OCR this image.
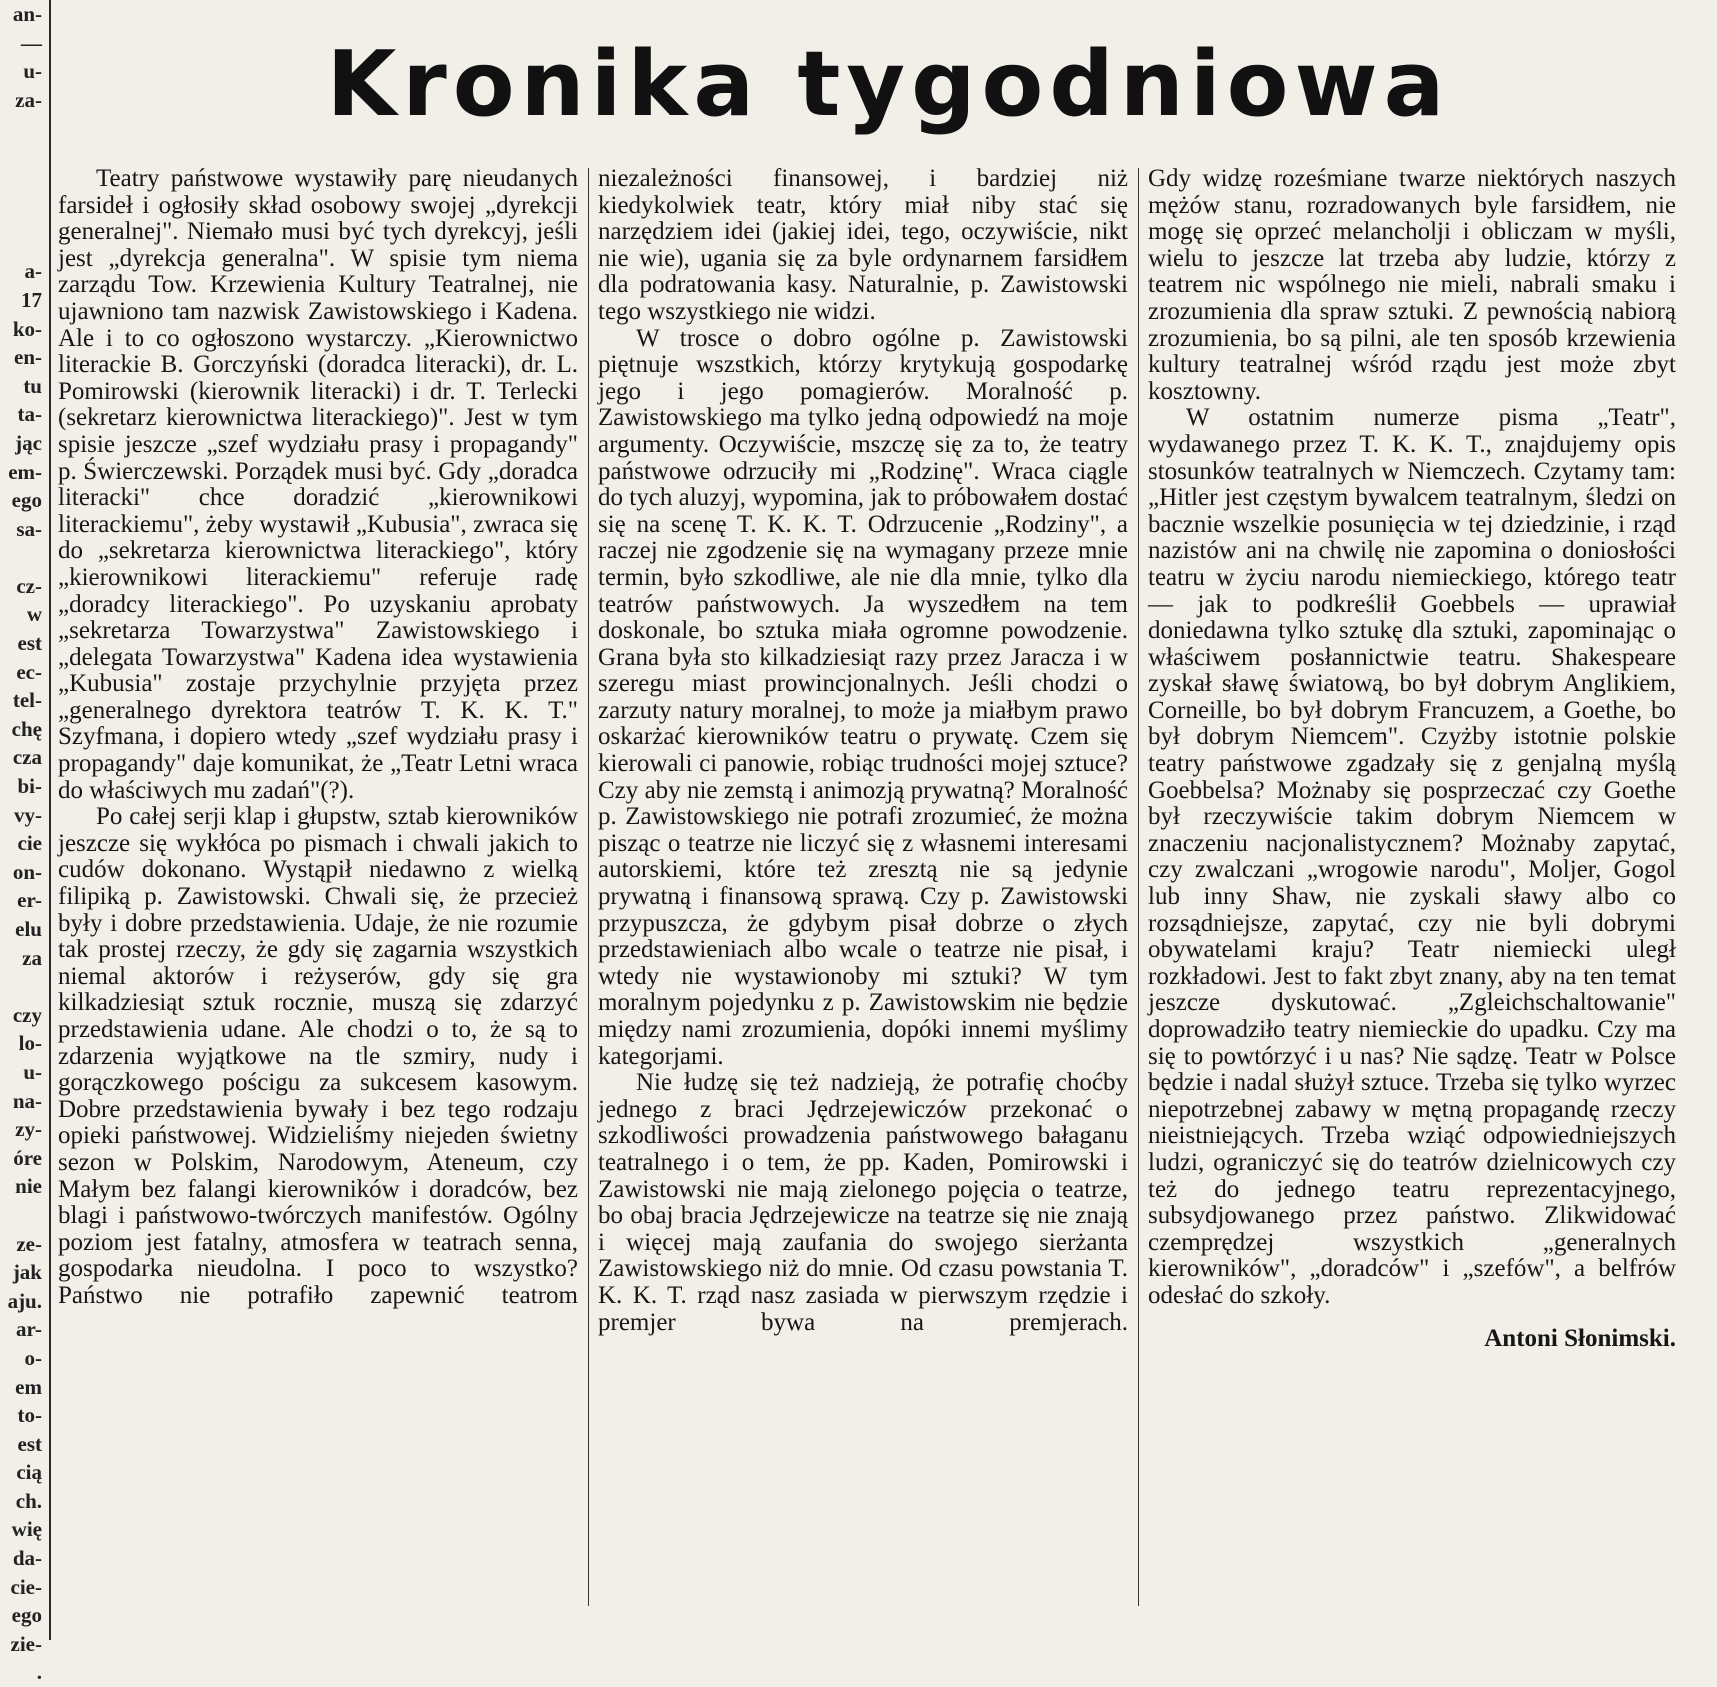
an-
—
u-
za-
a-
17
ko-
en-
tu
ta-
jąc
em-
ego
sa-
cz-
w
est
ec-
tel-
chę
cza
bi-
vy-
cie
on-
er-
elu
za
czy
lo-
u-
na-
zy-
óre
nie
ze-
jak
aju.
ar-
o-
em
to-
est
cią
ch.
wię
da-
cie-
ego
zie-
.
Kronika tygodniowa

Teatry państwowe wystawiły parę nieudanych farsideł i ogłosiły skład osobowy swojej „dyrekcji generalnej". Niemało musi być tych dyrekcyj, jeśli jest „dyrekcja generalna". W spisie tym niema zarządu Tow. Krzewienia Kultury Teatralnej, nie ujawniono tam nazwisk Zawistowskiego i Kadena. Ale i to co ogłoszono wystarczy. „Kierownictwo literackie B. Gorczyński (doradca literacki), dr. L. Pomirowski (kierownik literacki) i dr. T. Terlecki (sekretarz kierownictwa literackiego)". Jest w tym spisie jeszcze „szef wydziału prasy i propagandy" p. Świerczewski. Porządek musi być. Gdy „doradca literacki" chce doradzić „kierownikowi literackiemu", żeby wystawił „Kubusia", zwraca się do „sekretarza kierownictwa literackiego", który „kierownikowi literackiemu" referuje radę „doradcy literackiego". Po uzyskaniu aprobaty „sekretarza Towarzystwa" Zawistowskiego i „delegata Towarzystwa" Kadena idea wystawienia „Kubusia" zostaje przychylnie przyjęta przez „generalnego dyrektora teatrów T. K. K. T." Szyfmana, i dopiero wtedy „szef wydziału prasy i propagandy" daje komunikat, że „Teatr Letni wraca do właściwych mu zadań"(?).

Po całej serji klap i głupstw, sztab kierowników jeszcze się wykłóca po pismach i chwali jakich to cudów dokonano. Wystąpił niedawno z wielką filipiką p. Zawistowski. Chwali się, że przecież były i dobre przedstawienia. Udaje, że nie rozumie tak prostej rzeczy, że gdy się zagarnia wszystkich niemal aktorów i reżyserów, gdy się gra kilkadziesiąt sztuk rocznie, muszą się zdarzyć przedstawienia udane. Ale chodzi o to, że są to zdarzenia wyjątkowe na tle szmiry, nudy i gorączkowego pościgu za sukcesem kasowym. Dobre przedstawienia bywały i bez tego rodzaju opieki państwowej. Widzieliśmy niejeden świetny sezon w Polskim, Narodowym, Ateneum, czy Małym bez falangi kierowników i doradców, bez blagi i państwowo-twórczych manifestów. Ogólny poziom jest fatalny, atmosfera w teatrach senna, gospodarka nieudolna. I poco to wszystko? Państwo nie potrafiło zapewnić teatrom

niezależności finansowej, i bardziej niż kiedykolwiek teatr, który miał niby stać się narzędziem idei (jakiej idei, tego, oczywiście, nikt nie wie), ugania się za byle ordynarnem farsidłem dla podratowania kasy. Naturalnie, p. Zawistowski tego wszystkiego nie widzi.

W trosce o dobro ogólne p. Zawistowski piętnuje wszstkich, którzy krytykują gospodarkę jego i jego pomagierów. Moralność p. Zawistowskiego ma tylko jedną odpowiedź na moje argumenty. Oczywiście, mszczę się za to, że teatry państwowe odrzuciły mi „Rodzinę". Wraca ciągle do tych aluzyj, wypomina, jak to próbowałem dostać się na scenę T. K. K. T. Odrzucenie „Rodziny", a raczej nie zgodzenie się na wymagany przeze mnie termin, było szkodliwe, ale nie dla mnie, tylko dla teatrów państwowych. Ja wyszedłem na tem doskonale, bo sztuka miała ogromne powodzenie. Grana była sto kilkadziesiąt razy przez Jaracza i w szeregu miast prowincjonalnych. Jeśli chodzi o zarzuty natury moralnej, to może ja miałbym prawo oskarżać kierowników teatru o prywatę. Czem się kierowali ci panowie, robiąc trudności mojej sztuce? Czy aby nie zemstą i animozją prywatną? Moralność p. Zawistowskiego nie potrafi zrozumieć, że można pisząc o teatrze nie liczyć się z własnemi interesami autorskiemi, które też zresztą nie są jedynie prywatną i finansową sprawą. Czy p. Zawistowski przypuszcza, że gdybym pisał dobrze o złych przedstawieniach albo wcale o teatrze nie pisał, i wtedy nie wystawionoby mi sztuki? W tym moralnym pojedynku z p. Zawistowskim nie będzie między nami zrozumienia, dopóki innemi myślimy kategorjami.

Nie łudzę się też nadzieją, że potrafię choćby jednego z braci Jędrzejewiczów przekonać o szkodliwości prowadzenia państwowego bałaganu teatralnego i o tem, że pp. Kaden, Pomirowski i Zawistowski nie mają zielonego pojęcia o teatrze, bo obaj bracia Jędrzejewicze na teatrze się nie znają i więcej mają zaufania do swojego sierżanta Zawistowskiego niż do mnie. Od czasu powstania T. K. K. T. rząd nasz zasiada w pierwszym rzędzie i premjer bywa na premjerach.

Gdy widzę roześmiane twarze niektórych naszych mężów stanu, rozradowanych byle farsidłem, nie mogę się oprzeć melancholji i obliczam w myśli, wielu to jeszcze lat trzeba aby ludzie, którzy z teatrem nic wspólnego nie mieli, nabrali smaku i zrozumienia dla spraw sztuki. Z pewnością nabiorą zrozumienia, bo są pilni, ale ten sposób krzewienia kultury teatralnej wśród rządu jest może zbyt kosztowny.

W ostatnim numerze pisma „Teatr", wydawanego przez T. K. K. T., znajdujemy opis stosunków teatralnych w Niemczech. Czytamy tam: „Hitler jest częstym bywalcem teatralnym, śledzi on bacznie wszelkie posunięcia w tej dziedzinie, i rząd nazistów ani na chwilę nie zapomina o doniosłości teatru w życiu narodu niemieckiego, którego teatr — jak to podkreślił Goebbels — uprawiał doniedawna tylko sztukę dla sztuki, zapominając o właściwem posłannictwie teatru. Shakespeare zyskał sławę światową, bo był dobrym Anglikiem, Corneille, bo był dobrym Francuzem, a Goethe, bo był dobrym Niemcem". Czyżby istotnie polskie teatry państwowe zgadzały się z genjalną myślą Goebbelsa? Możnaby się posprzeczać czy Goethe był rzeczywiście takim dobrym Niemcem w znaczeniu nacjonalistycznem? Możnaby zapytać, czy zwalczani „wrogowie narodu", Moljer, Gogol lub inny Shaw, nie zyskali sławy albo co rozsądniejsze, zapytać, czy nie byli dobrymi obywatelami kraju? Teatr niemiecki uległ rozkładowi. Jest to fakt zbyt znany, aby na ten temat jeszcze dyskutować. „Zgleichschaltowanie" doprowadziło teatry niemieckie do upadku. Czy ma się to powtórzyć i u nas? Nie sądzę. Teatr w Polsce będzie i nadal służył sztuce. Trzeba się tylko wyrzec niepotrzebnej zabawy w mętną propagandę rzeczy nieistniejących. Trzeba wziąć odpowiedniejszych ludzi, ograniczyć się do teatrów dzielnicowych czy też do jednego teatru reprezentacyjnego, subsydjowanego przez państwo. Zlikwidować czemprędzej wszystkich „generalnych kierowników", „doradców" i „szefów", a belfrów odesłać do szkoły.

Antoni Słonimski.
